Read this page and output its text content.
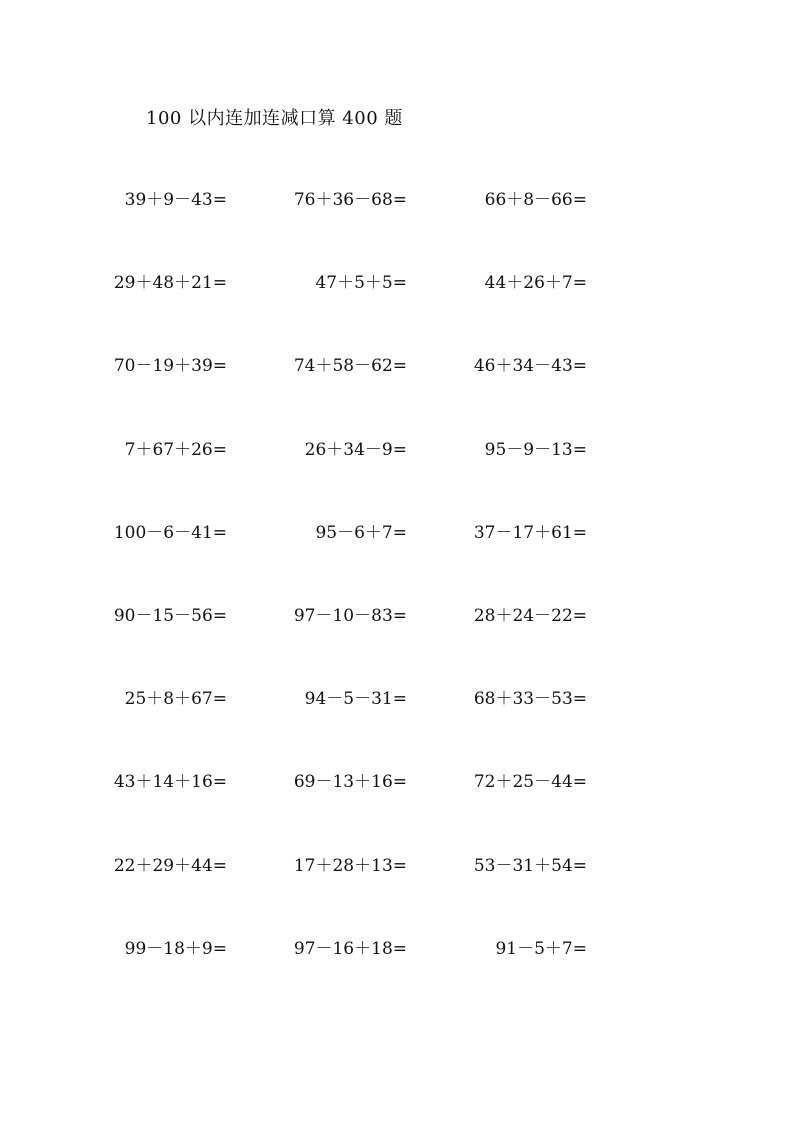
100 以内连加连减口算 400 题
39＋9－43=	76＋36－68=	66＋8－66=
29＋48＋21=	47＋5＋5=	44＋26＋7=
70－19＋39=	74＋58－62=	46＋34－43=
7＋67＋26=	26＋34－9=	95－9－13=
100－6－41=	95－6＋7=	37－17＋61=
90－15－56=	97－10－83=	28＋24－22=
25＋8＋67=	94－5－31=	68＋33－53=
43＋14＋16=	69－13＋16=	72＋25－44=
22＋29＋44=	17＋28＋13=	53－31＋54=
99－18＋9=	97－16＋18=	91－5＋7=
